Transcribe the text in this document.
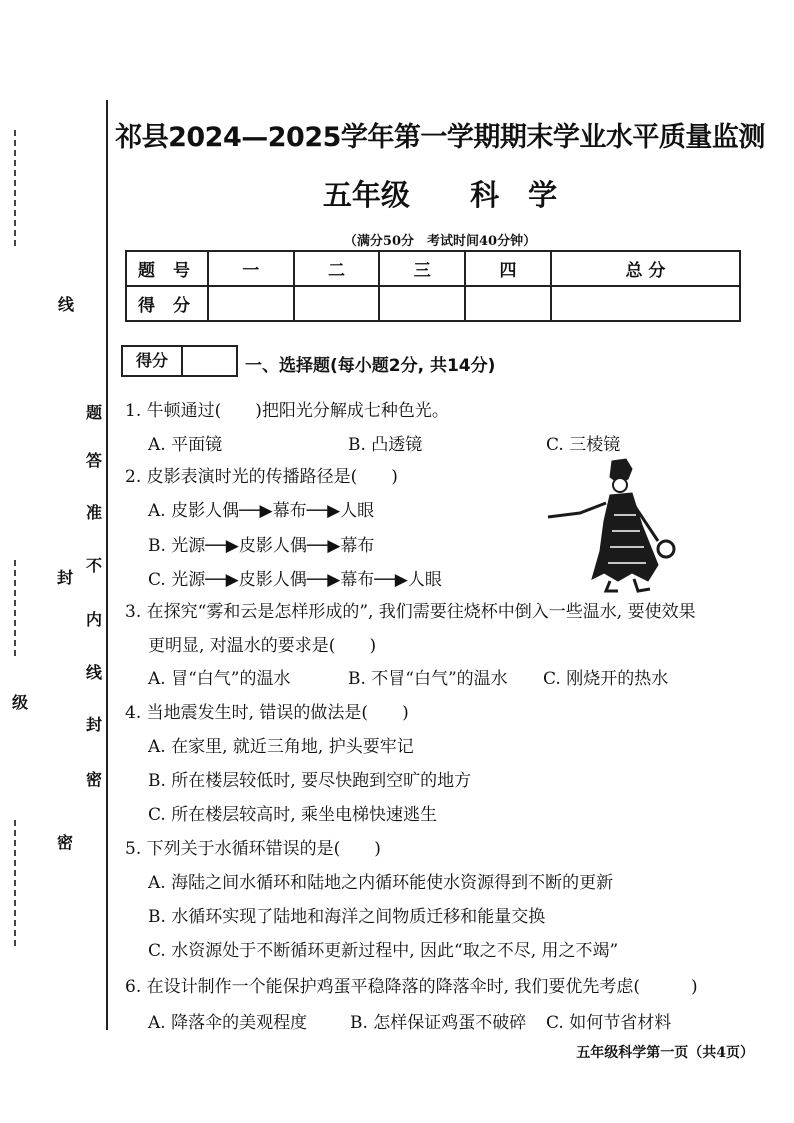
线
级
封
密
题
答
准
不
内
线
封
密
祁县2024—2025学年第一学期期末学业水平质量监测
五年级 科　学
（满分50分　考试时间40分钟）
题 号	一	二	三	四	总 分
得 分					
得分	一、选择题(每小题2分, 共14分)
1. 牛顿通过(　　)把阳光分解成七种色光。
A. 平面镜	B. 凸透镜	C. 三棱镜
2. 皮影表演时光的传播路径是(　　)
A. 皮影人偶──▶幕布──▶人眼
B. 光源──▶皮影人偶──▶幕布
C. 光源──▶皮影人偶──▶幕布──▶人眼
3. 在探究“雾和云是怎样形成的”, 我们需要往烧杯中倒入一些温水, 要使效果
更明显, 对温水的要求是(　　)
A. 冒“白气”的温水	B. 不冒“白气”的温水 C. 刚烧开的热水
4. 当地震发生时, 错误的做法是(　　)
A. 在家里, 就近三角地, 护头要牢记
B. 所在楼层较低时, 要尽快跑到空旷的地方
C. 所在楼层较高时, 乘坐电梯快速逃生
5. 下列关于水循环错误的是(　　)
A. 海陆之间水循环和陆地之内循环能使水资源得到不断的更新
B. 水循环实现了陆地和海洋之间物质迁移和能量交换
C. 水资源处于不断循环更新过程中, 因此“取之不尽, 用之不竭”
6. 在设计制作一个能保护鸡蛋平稳降落的降落伞时, 我们要优先考虑(　　　)
A. 降落伞的美观程度	B. 怎样保证鸡蛋不破碎 C. 如何节省材料
五年级科学第一页（共4页）
